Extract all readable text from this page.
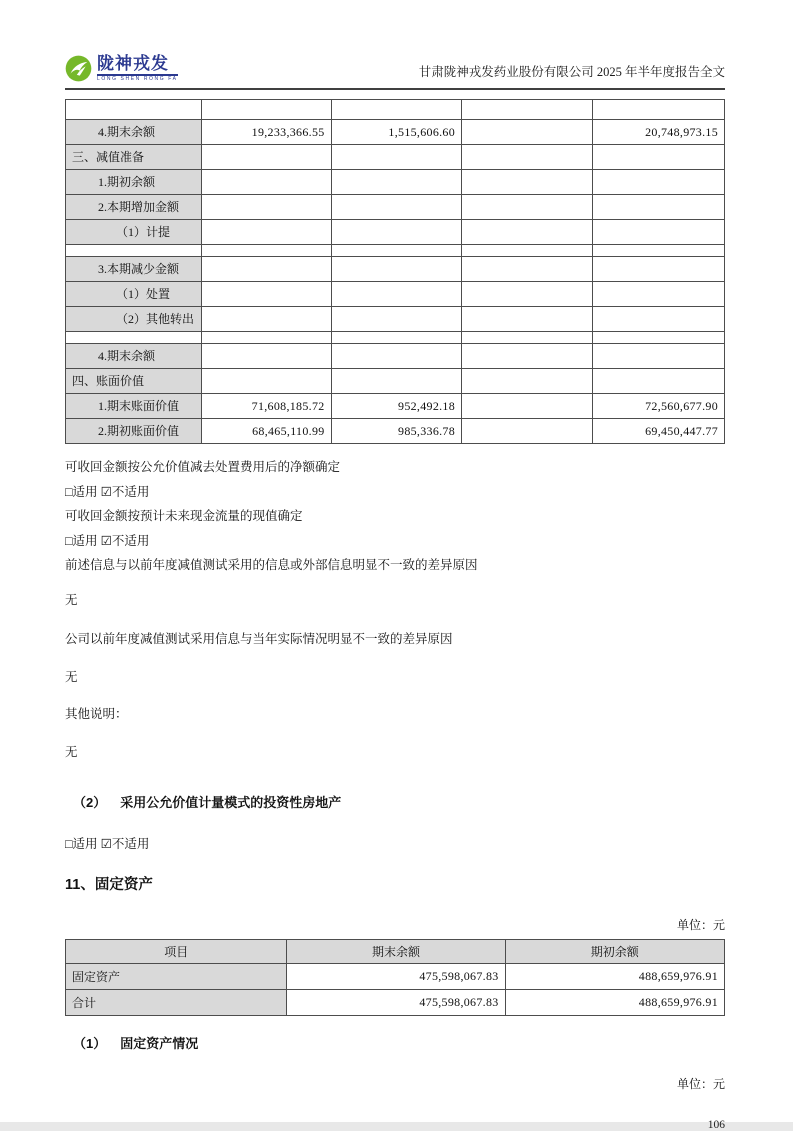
陇神戎发
LONG SHEN RONG FA	甘肃陇神戎发药业股份有限公司 2025 年半年度报告全文

4.期末余额	19,233,366.55	1,515,606.60		20,748,973.15
三、减值准备				
1.期初余额				
2.本期增加金额				
（1）计提				

3.本期减少金额				
（1）处置				
（2）其他转出				

4.期末余额				
四、账面价值				
1.期末账面价值	71,608,185.72	952,492.18		72,560,677.90
2.期初账面价值	68,465,110.99	985,336.78		69,450,447.77
可收回金额按公允价值减去处置费用后的净额确定
□适用 ☑不适用
可收回金额按预计未来现金流量的现值确定
□适用 ☑不适用
前述信息与以前年度减值测试采用的信息或外部信息明显不一致的差异原因
无
公司以前年度减值测试采用信息与当年实际情况明显不一致的差异原因
无
其他说明：
无
（2） 采用公允价值计量模式的投资性房地产
□适用 ☑不适用
11、固定资产
单位：元
项目	期末余额	期初余额
固定资产	475,598,067.83	488,659,976.91
合计	475,598,067.83	488,659,976.91
（1） 固定资产情况
单位：元
106
